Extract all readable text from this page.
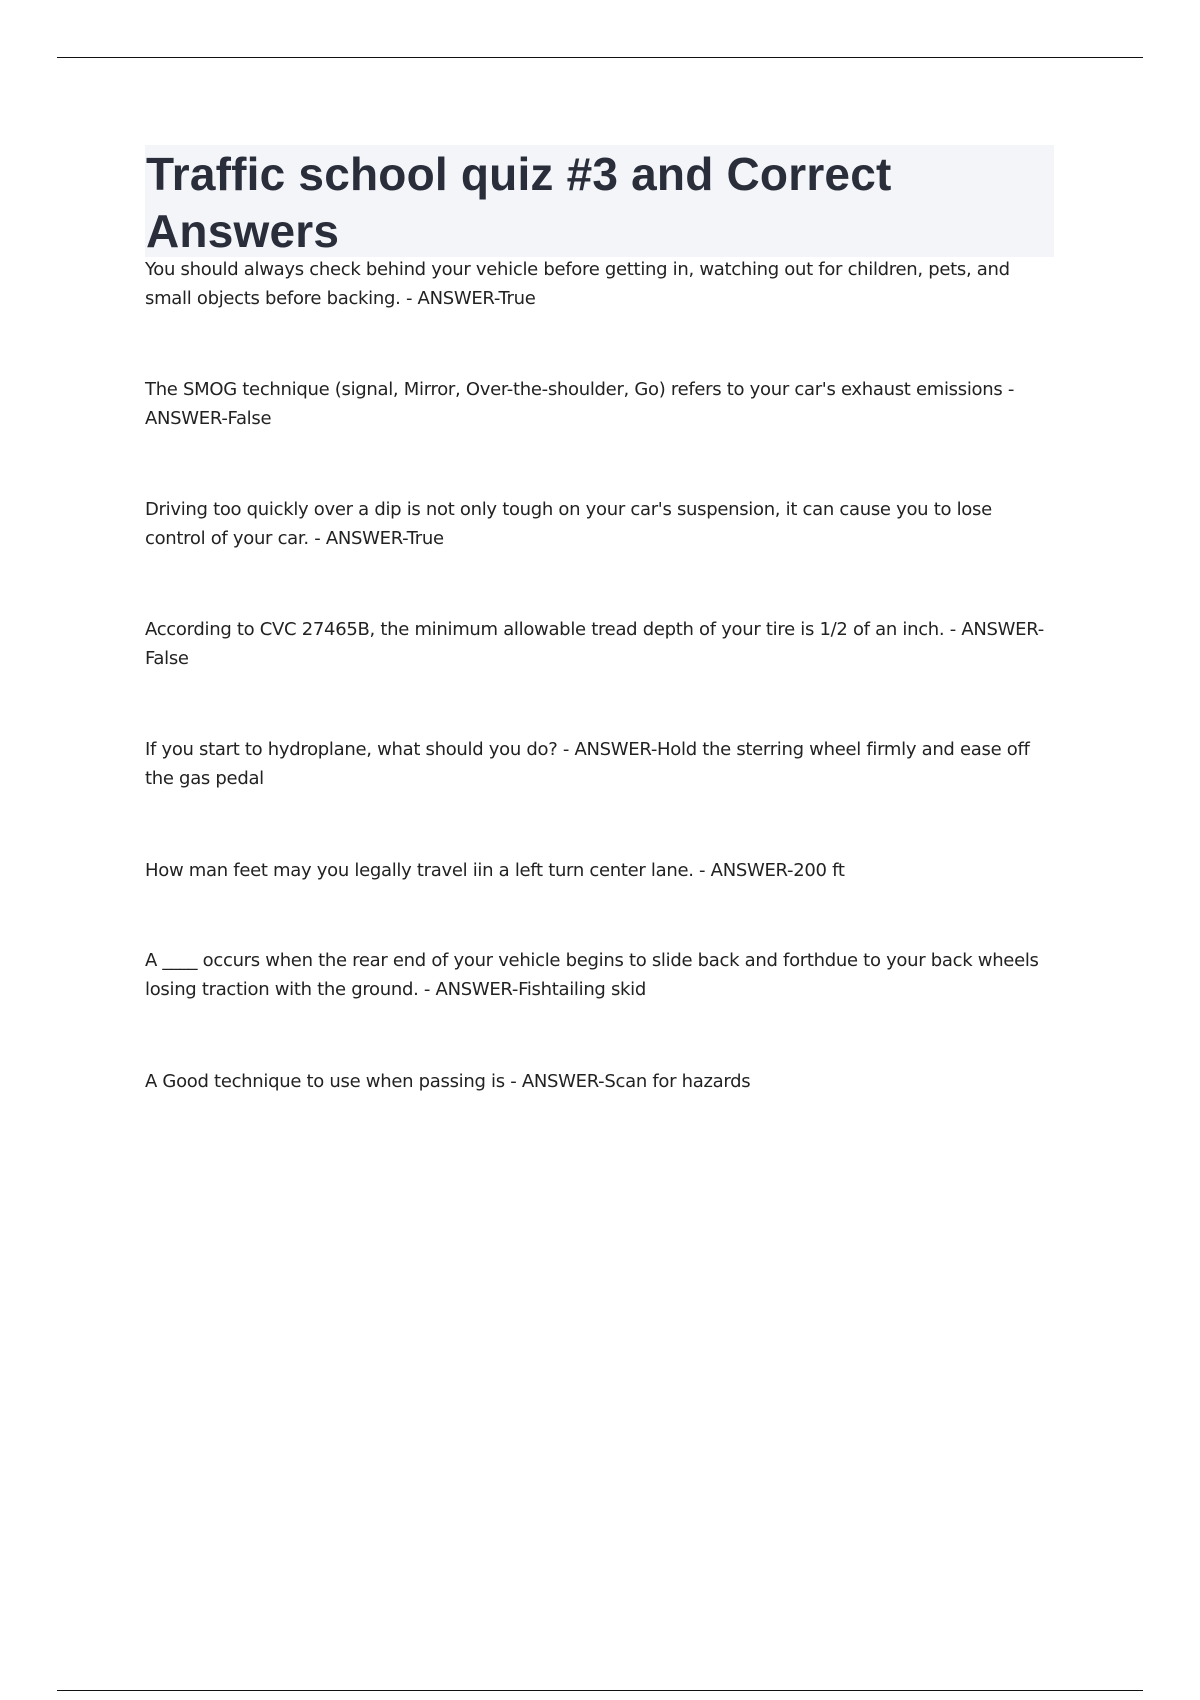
Traffic school quiz #3 and Correct Answers

You should always check behind your vehicle before getting in, watching out for children, pets, and small objects before backing. - ANSWER-True

The SMOG technique (signal, Mirror, Over-the-shoulder, Go) refers to your car's exhaust emissions - ANSWER-False

Driving too quickly over a dip is not only tough on your car's suspension, it can cause you to lose control of your car. - ANSWER-True

According to CVC 27465B, the minimum allowable tread depth of your tire is 1/2 of an inch. - ANSWER-False

If you start to hydroplane, what should you do? - ANSWER-Hold the sterring wheel firmly and ease off the gas pedal

How man feet may you legally travel iin a left turn center lane. - ANSWER-200 ft

A ____ occurs when the rear end of your vehicle begins to slide back and forthdue to your back wheels losing traction with the ground. - ANSWER-Fishtailing skid

A Good technique to use when passing is - ANSWER-Scan for hazards
